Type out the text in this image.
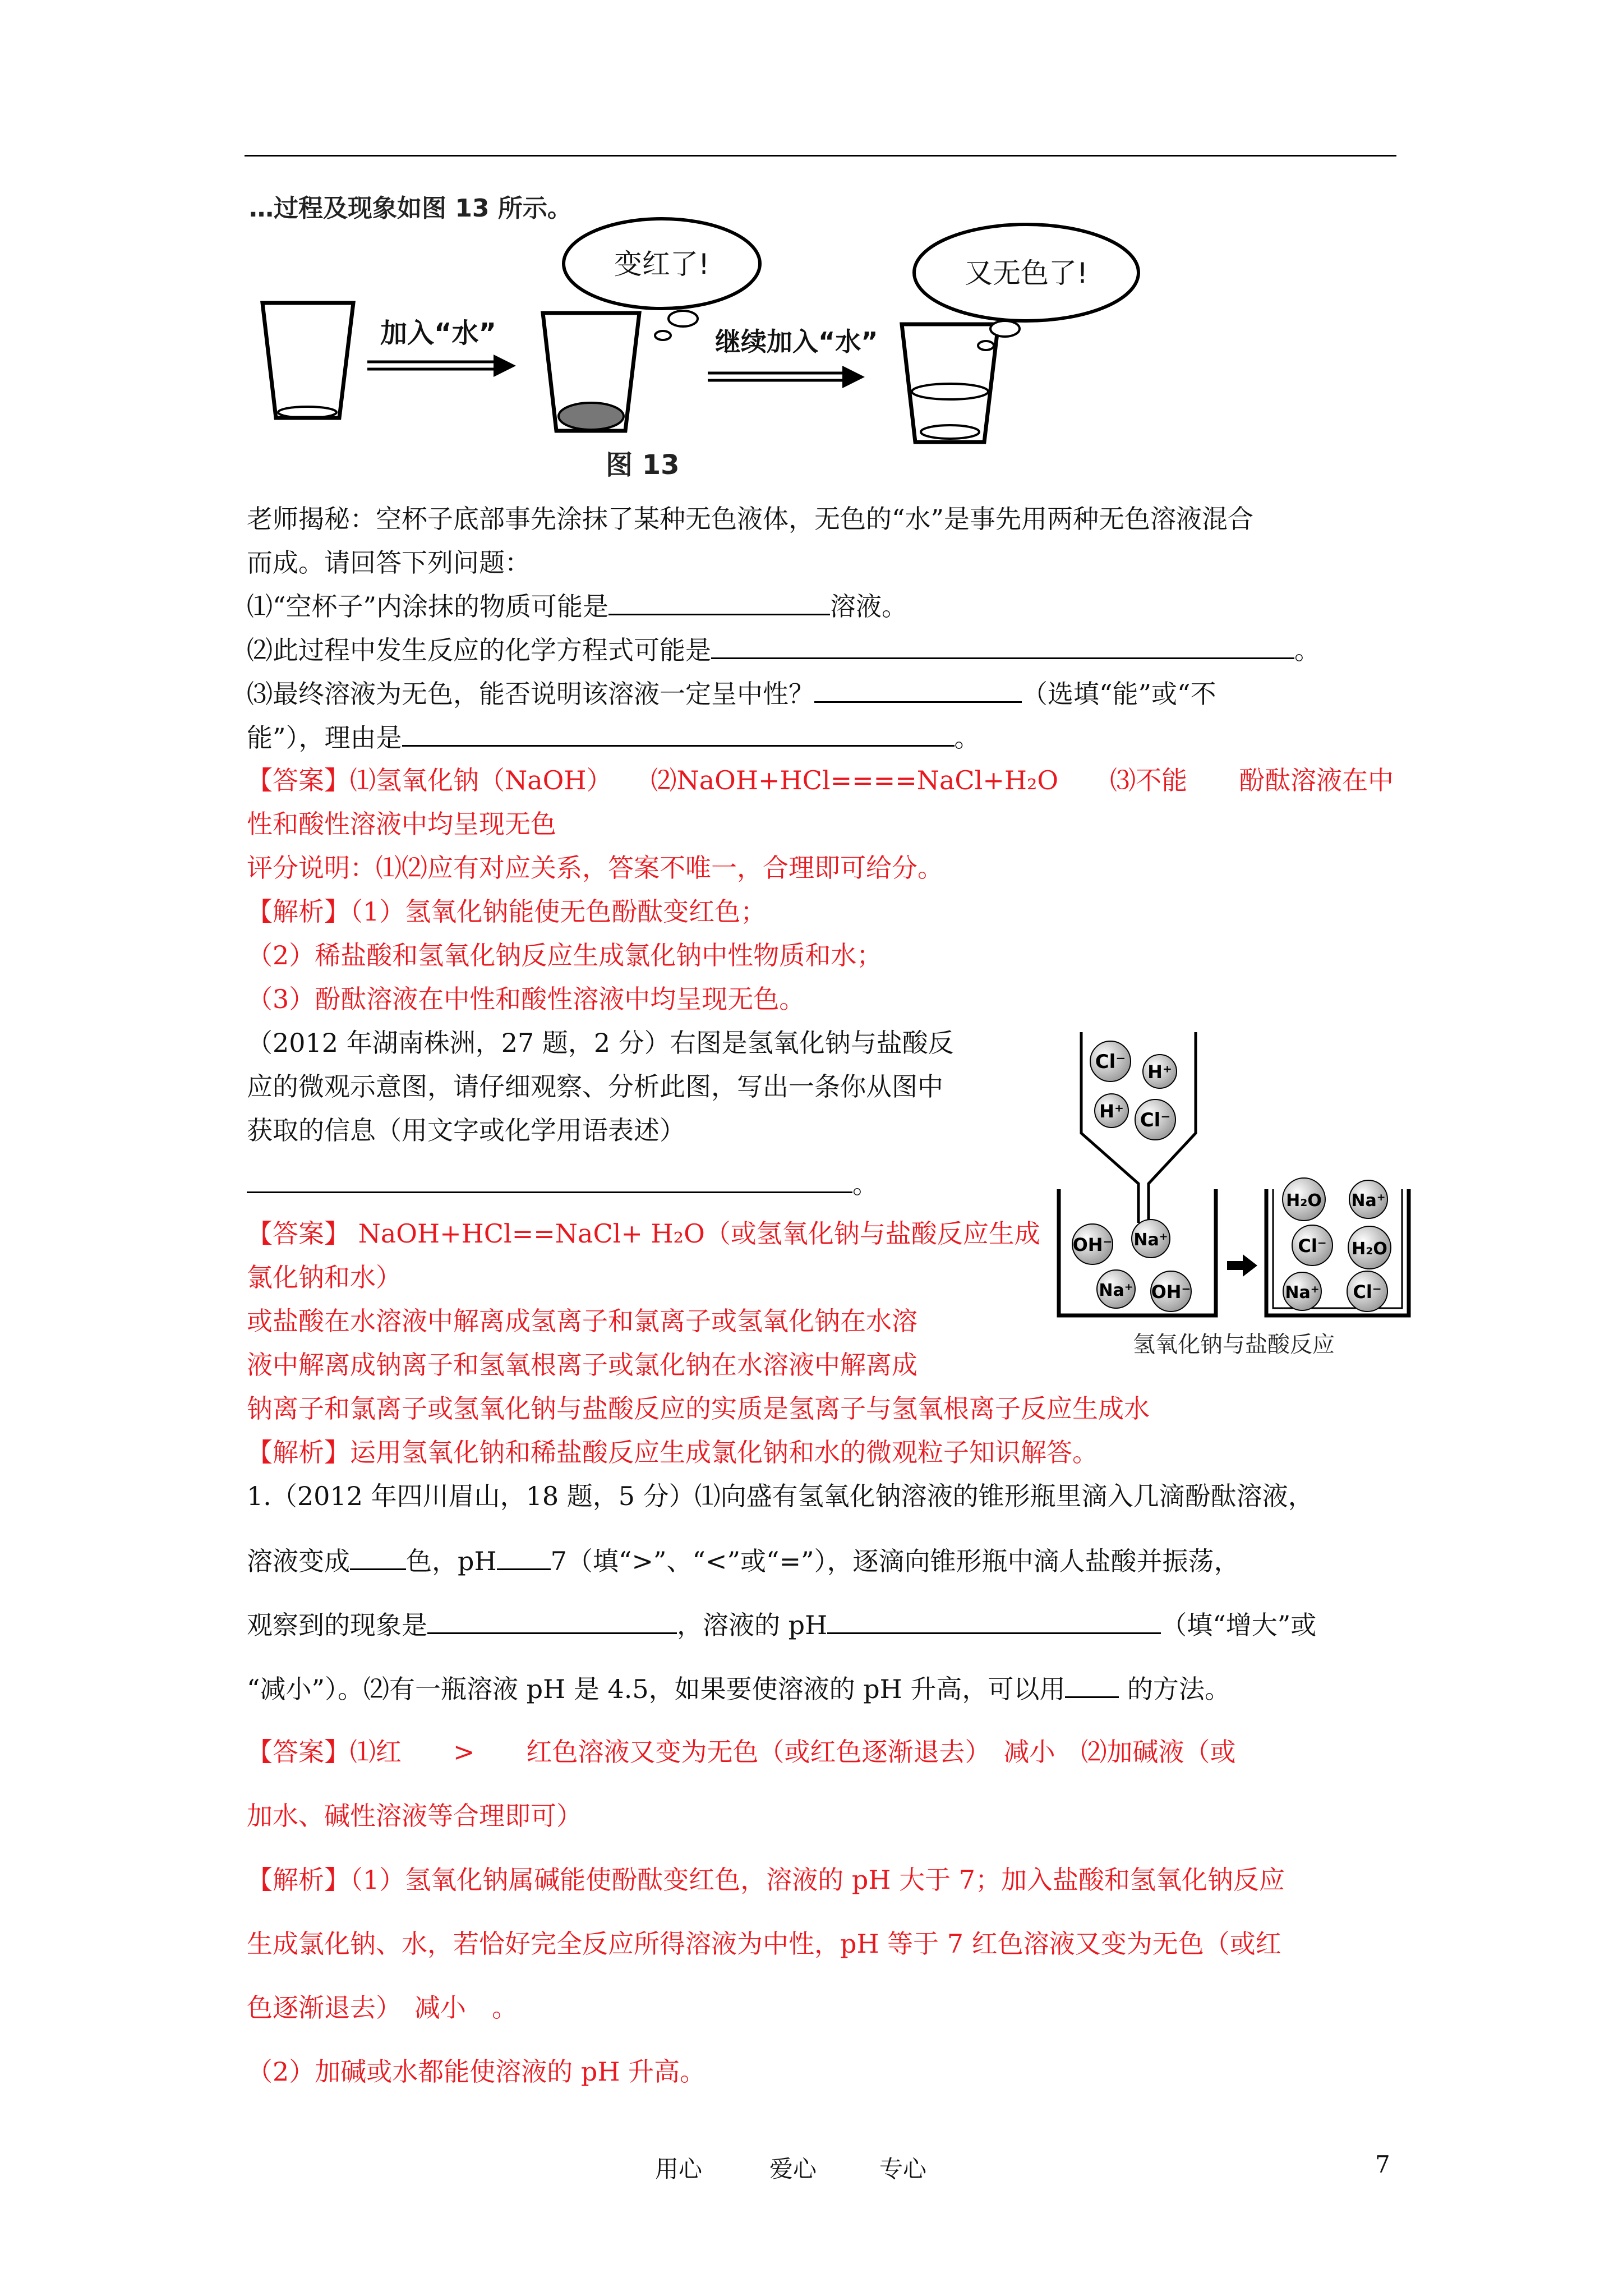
…过程及现象如图 13 所示。
加入“水”
变红了!
继续加入“水”
又无色了!
图 13
老师揭秘：空杯子底部事先涂抹了某种无色液体，无色的“水”是事先用两种无色溶液混合
而成。请回答下列问题：
⑴“空杯子”内涂抹的物质可能是	溶液。
⑵此过程中发生反应的化学方程式可能是	。
⑶最终溶液为无色，能否说明该溶液一定呈中性？	（选填“能”或“不
能”），理由是	。
【答案】⑴氢氧化钠（NaOH）　　⑵NaOH+HCl====NaCl+H₂O　　⑶不能　　酚酞溶液在中
性和酸性溶液中均呈现无色
评分说明：⑴⑵应有对应关系，答案不唯一，合理即可给分。
【解析】（1）氢氧化钠能使无色酚酞变红色；
（2）稀盐酸和氢氧化钠反应生成氯化钠中性物质和水；
（3）酚酞溶液在中性和酸性溶液中均呈现无色。
（2012 年湖南株洲，27 题，2 分）右图是氢氧化钠与盐酸反
应的微观示意图，请仔细观察、分析此图，写出一条你从图中
获取的信息（用文字或化学用语表述）
。
【答案】 NaOH+HCl==NaCl+ H₂O（或氢氧化钠与盐酸反应生成
氯化钠和水）
或盐酸在水溶液中解离成氢离子和氯离子或氢氧化钠在水溶
液中解离成钠离子和氢氧根离子或氯化钠在水溶液中解离成
钠离子和氯离子或氢氧化钠与盐酸反应的实质是氢离子与氢氧根离子反应生成水
【解析】运用氢氧化钠和稀盐酸反应生成氯化钠和水的微观粒子知识解答。
Cl⁻ H⁺
H⁺ Cl⁻
OH⁻ Na⁺
Na⁺ OH⁻
H₂O Na⁺
Cl⁻ H₂O
Na⁺ Cl⁻
氢氧化钠与盐酸反应
1.（2012 年四川眉山，18 题，5 分）⑴向盛有氢氧化钠溶液的锥形瓶里滴入几滴酚酞溶液，
溶液变成 色，pH 7（填“>”、“<”或“=”），逐滴向锥形瓶中滴人盐酸并振荡，
观察到的现象是	，溶液的 pH	（填“增大”或
“减小”）。⑵有一瓶溶液 pH 是 4.5，如果要使溶液的 pH 升高，可以用 的方法。
【答案】⑴红　　>　　红色溶液又变为无色（或红色逐渐退去）　减小　⑵加碱液（或
加水、碱性溶液等合理即可）
【解析】（1）氢氧化钠属碱能使酚酞变红色，溶液的 pH 大于 7；加入盐酸和氢氧化钠反应
生成氯化钠、水，若恰好完全反应所得溶液为中性，pH 等于 7 红色溶液又变为无色（或红
色逐渐退去）　减小　。
（2）加碱或水都能使溶液的 pH 升高。
用心	爱心	专心	7
